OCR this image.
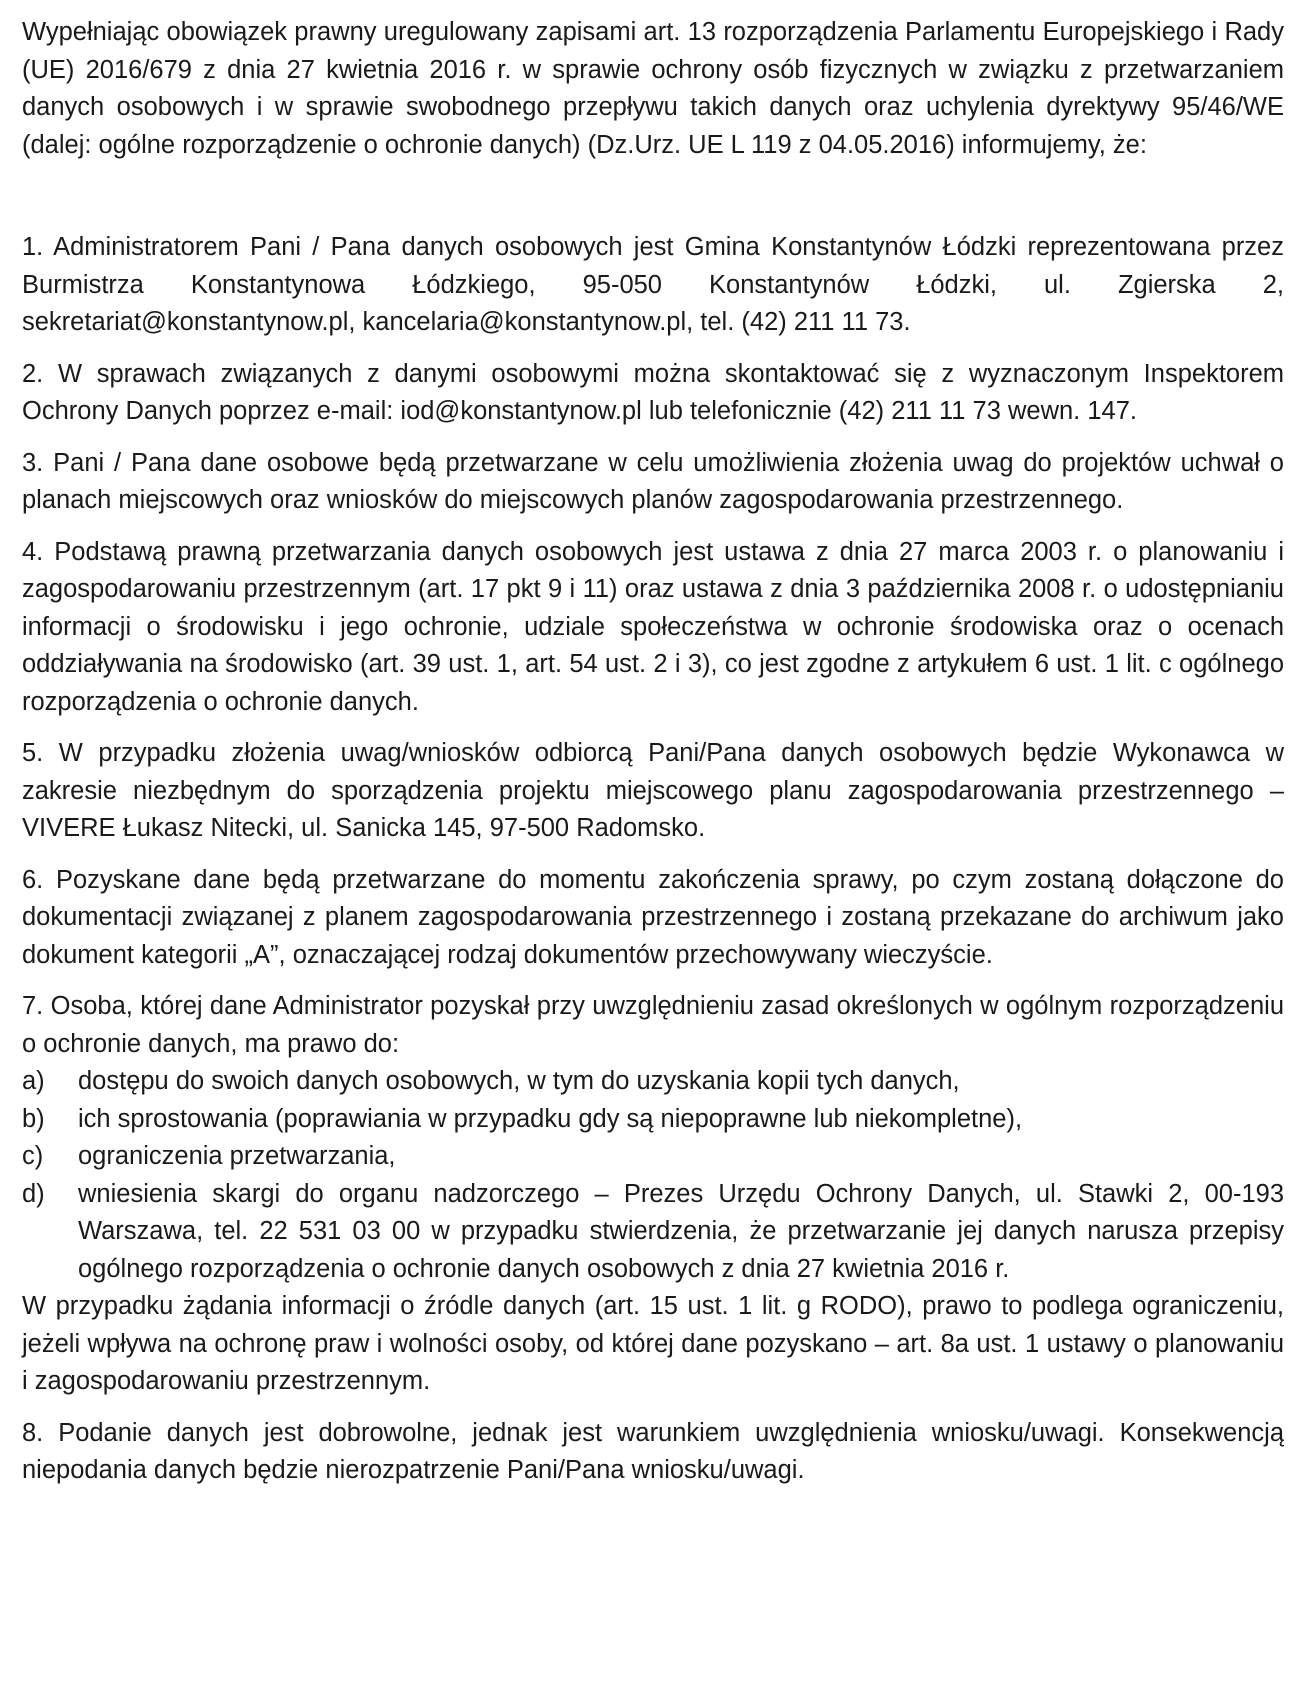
Wypełniając obowiązek prawny uregulowany zapisami art. 13 rozporządzenia Parlamentu Europejskiego i Rady (UE) 2016/679 z dnia 27 kwietnia 2016 r. w sprawie ochrony osób fizycznych w związku z przetwarzaniem danych osobowych i w sprawie swobodnego przepływu takich danych oraz uchylenia dyrektywy 95/46/WE (dalej: ogólne rozporządzenie o ochronie danych) (Dz.Urz. UE L 119 z 04.05.2016) informujemy, że:

1. Administratorem Pani / Pana danych osobowych jest Gmina Konstantynów Łódzki reprezentowana przez Burmistrza Konstantynowa Łódzkiego, 95-050 Konstantynów Łódzki, ul. Zgierska 2, sekretariat@konstantynow.pl, kancelaria@konstantynow.pl, tel. (42) 211 11 73.

2. W sprawach związanych z danymi osobowymi można skontaktować się z wyznaczonym Inspektorem Ochrony Danych poprzez e-mail: iod@konstantynow.pl lub telefonicznie (42) 211 11 73 wewn. 147.

3. Pani / Pana dane osobowe będą przetwarzane w celu umożliwienia złożenia uwag do projektów uchwał o planach miejscowych oraz wniosków do miejscowych planów zagospodarowania przestrzennego.

4. Podstawą prawną przetwarzania danych osobowych jest ustawa z dnia 27 marca 2003 r. o planowaniu i zagospodarowaniu przestrzennym (art. 17 pkt 9 i 11) oraz ustawa z dnia 3 października 2008 r. o udostępnianiu informacji o środowisku i jego ochronie, udziale społeczeństwa w ochronie środowiska oraz o ocenach oddziaływania na środowisko (art. 39 ust. 1, art. 54 ust. 2 i 3), co jest zgodne z artykułem 6 ust. 1 lit. c ogólnego rozporządzenia o ochronie danych.

5. W przypadku złożenia uwag/wniosków odbiorcą Pani/Pana danych osobowych będzie Wykonawca w zakresie niezbędnym do sporządzenia projektu miejscowego planu zagospodarowania przestrzennego – VIVERE Łukasz Nitecki, ul. Sanicka 145, 97-500 Radomsko.

6. Pozyskane dane będą przetwarzane do momentu zakończenia sprawy, po czym zostaną dołączone do dokumentacji związanej z planem zagospodarowania przestrzennego i zostaną przekazane do archiwum jako dokument kategorii „A”, oznaczającej rodzaj dokumentów przechowywany wieczyście.

7. Osoba, której dane Administrator pozyskał przy uwzględnieniu zasad określonych w ogólnym rozporządzeniu o ochronie danych, ma prawo do:

a)	dostępu do swoich danych osobowych, w tym do uzyskania kopii tych danych,
b)	ich sprostowania (poprawiania w przypadku gdy są niepoprawne lub niekompletne),
c)	ograniczenia przetwarzania,
d)	wniesienia skargi do organu nadzorczego – Prezes Urzędu Ochrony Danych, ul. Stawki 2, 00-193 Warszawa, tel. 22 531 03 00 w przypadku stwierdzenia, że przetwarzanie jej danych narusza przepisy ogólnego rozporządzenia o ochronie danych osobowych z dnia 27 kwietnia 2016 r.

W przypadku żądania informacji o źródle danych (art. 15 ust. 1 lit. g RODO), prawo to podlega ograniczeniu, jeżeli wpływa na ochronę praw i wolności osoby, od której dane pozyskano – art. 8a ust. 1 ustawy o planowaniu i zagospodarowaniu przestrzennym.

8. Podanie danych jest dobrowolne, jednak jest warunkiem uwzględnienia wniosku/uwagi. Konsekwencją niepodania danych będzie nierozpatrzenie Pani/Pana wniosku/uwagi.
